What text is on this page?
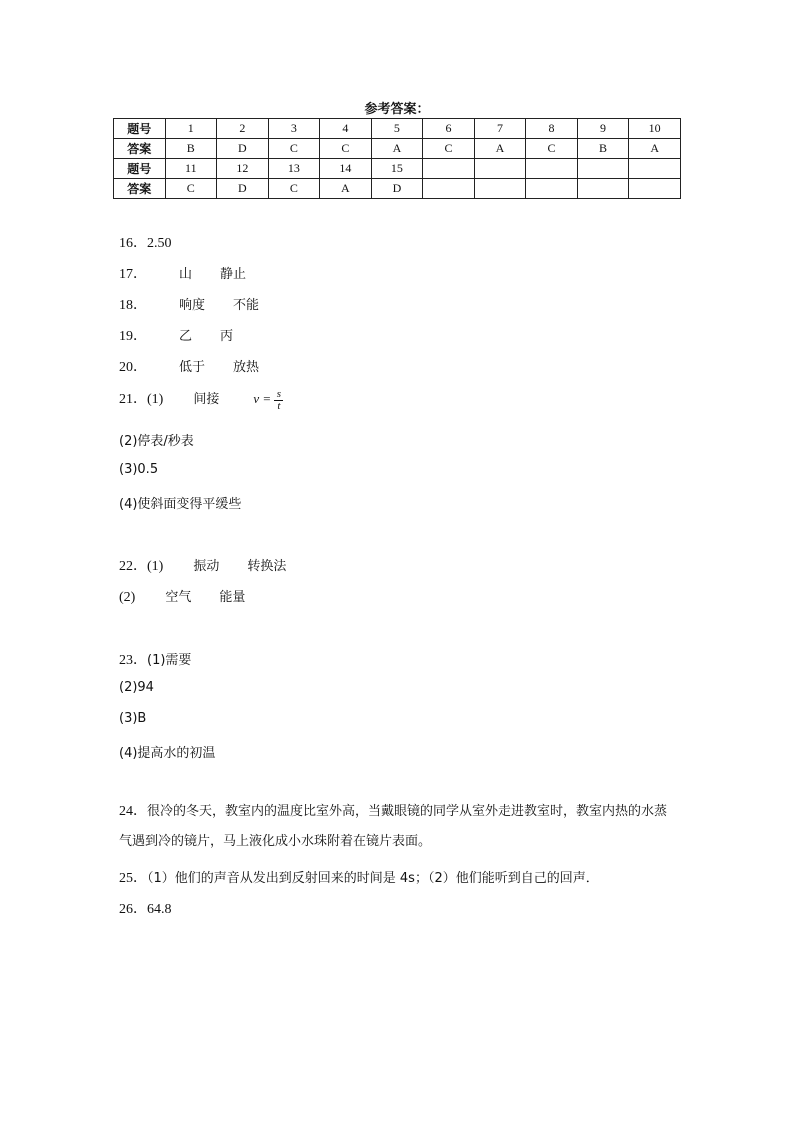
参考答案：
题号	1	2	3	4	5	6	7	8	9	10
答案	B	D	C	C	A	C	A	C	B	A
题号	11	12	13	14	15					
答案	C	D	C	A	D					
16．2.50
17． 山 静止
18． 响度 不能
19． 乙 丙
20． 低于 放热
21．(1) 间接	$v = \frac{s}{t}$
(2)停表/秒表
(3)0.5
(4)使斜面变得平缓些
22．(1) 振动 转换法
(2) 空气 能量
23．(1)需要
(2)94
(3)B
(4)提高水的初温
24．很冷的冬天，教室内的温度比室外高，当戴眼镜的同学从室外走进教室时，教室内热的水蒸气遇到冷的镜片，马上液化成小水珠附着在镜片表面。
25．（1）他们的声音从发出到反射回来的时间是 4s；（2）他们能听到自己的回声．
26．64.8
